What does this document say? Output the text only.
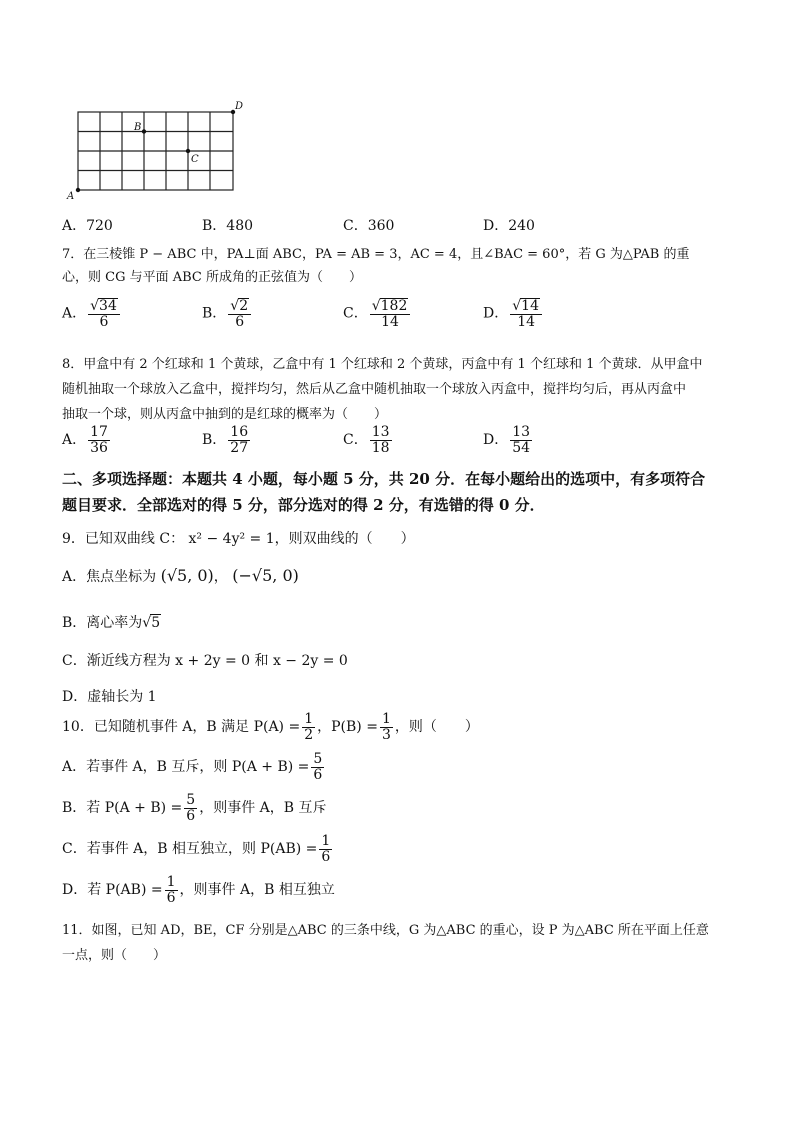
A
B
C
D
A．720	B．480	C．360	D．240
7．在三棱锥 P − ABC 中，PA⊥面 ABC，PA = AB = 3，AC = 4，且∠BAC = 60°，若 G 为△PAB 的重
心，则 CG 与平面 ABC 所成角的正弦值为（　　）
A． $\frac{√34}{6}$	B． $\frac{√2}{6}$	C． $\frac{√182}{14}$	D． $\frac{√14}{14}$
8．甲盒中有 2 个红球和 1 个黄球，乙盒中有 1 个红球和 2 个黄球，丙盒中有 1 个红球和 1 个黄球．从甲盒中
随机抽取一个球放入乙盒中，搅拌均匀，然后从乙盒中随机抽取一个球放入丙盒中，搅拌均匀后，再从丙盒中
抽取一个球，则从丙盒中抽到的是红球的概率为（　　）
A． $\frac{17}{36}$	B． $\frac{16}{27}$	C． $\frac{13}{18}$	D． $\frac{13}{54}$
二、多项选择题：本题共 4 小题，每小题 5 分，共 20 分．在每小题给出的选项中，有多项符合
题目要求．全部选对的得 5 分，部分选对的得 2 分，有选错的得 0 分．
9．已知双曲线 C： x² − 4y² = 1，则双曲线的（　　）
A．焦点坐标为 (√5, 0)， (−√5, 0)
B．离心率为√5
C．渐近线方程为 x + 2y = 0 和 x − 2y = 0
D．虚轴长为 1
10．已知随机事件 A，B 满足 $P(A) = \frac{1}{2}$ ，$P(B) = \frac{1}{3}$ ，则（　　）
A．若事件 A，B 互斥，则 $P(A + B) = \frac{5}{6}$
B．若 $P(A + B) = \frac{5}{6}$ ，则事件 A，B 互斥
C．若事件 A，B 相互独立，则 $P(AB) = \frac{1}{6}$
D．若 $P(AB) = \frac{1}{6}$ ，则事件 A，B 相互独立
11．如图，已知 AD，BE，CF 分别是△ABC 的三条中线，G 为△ABC 的重心，设 P 为△ABC 所在平面上任意
一点，则（　　）
